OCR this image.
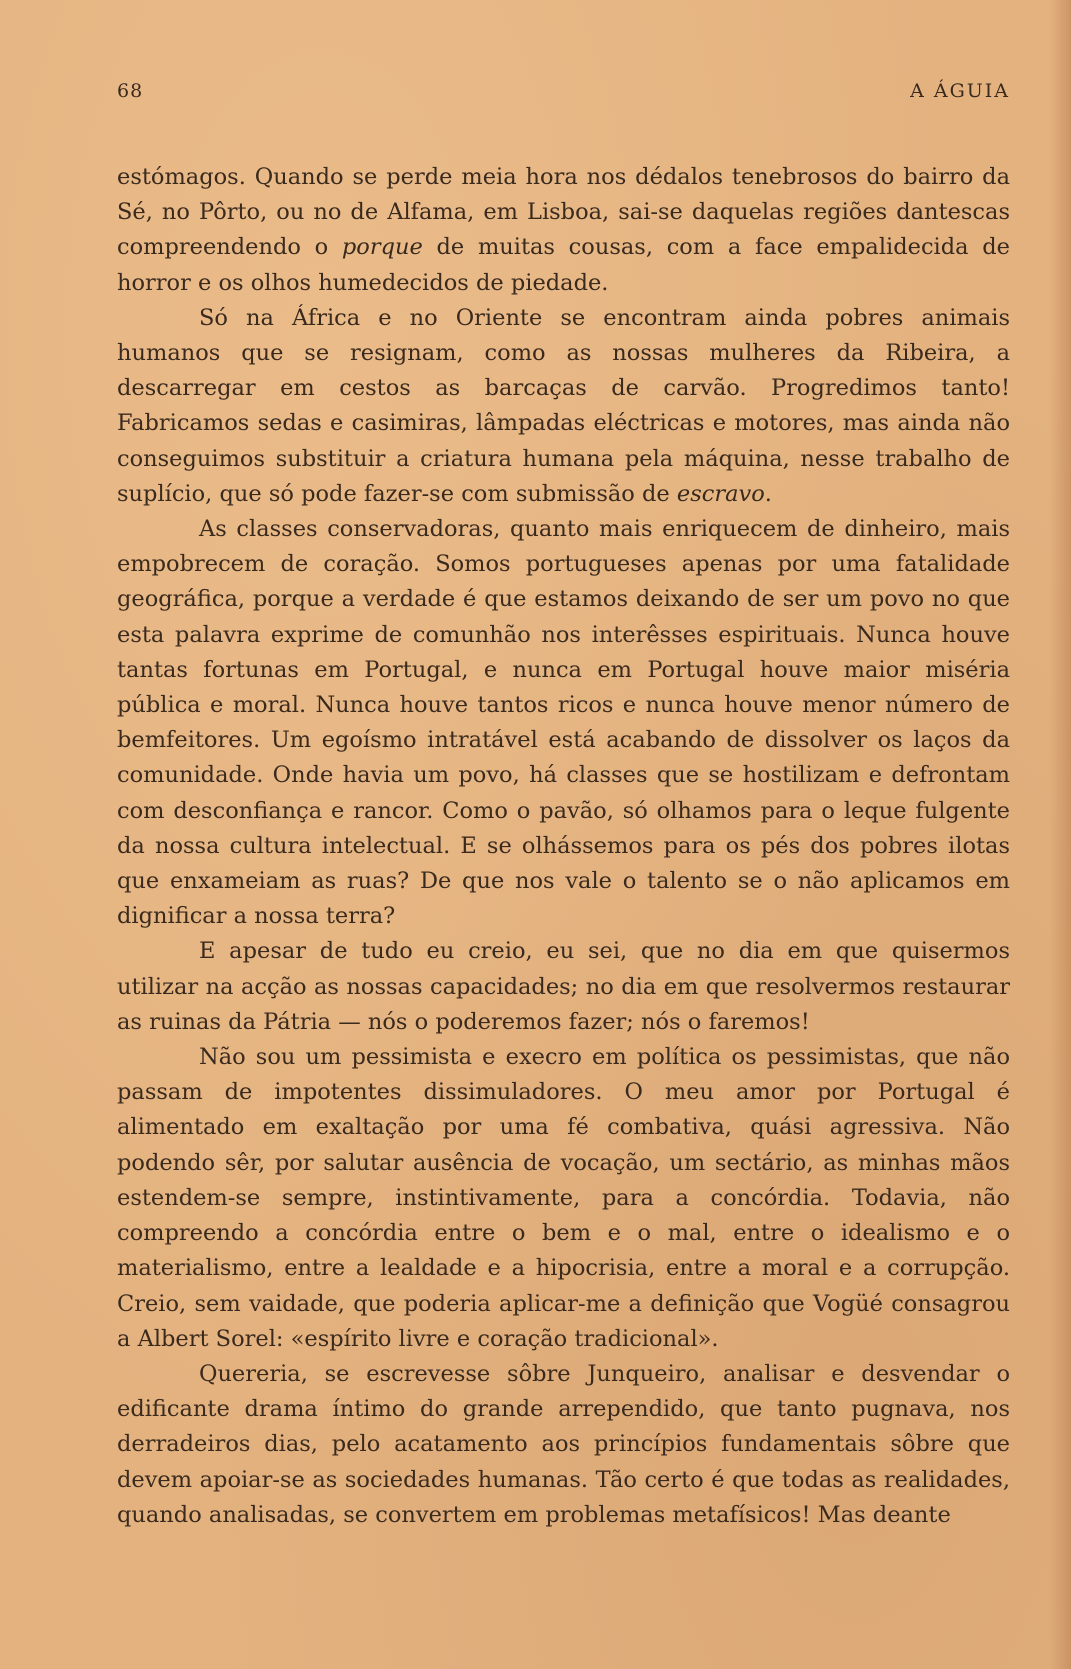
68	A ÁGUIA

estómagos. Quando se perde meia hora nos dédalos tenebrosos do bairro da Sé, no Pôrto, ou no de Alfama, em Lisboa, sai-se daquelas regiões dantescas compreendendo o porque de muitas cousas, com a face empalidecida de horror e os olhos humedecidos de piedade.

Só na África e no Oriente se encontram ainda pobres animais humanos que se resignam, como as nossas mulheres da Ribeira, a descarregar em cestos as barcaças de carvão. Progredimos tanto! Fabricamos sedas e casimiras, lâmpadas eléctricas e motores, mas ainda não conseguimos substituir a criatura humana pela máquina, nesse trabalho de suplício, que só pode fazer-se com submissão de escravo.

As classes conservadoras, quanto mais enriquecem de dinheiro, mais empobrecem de coração. Somos portugueses apenas por uma fatalidade geográfica, porque a verdade é que estamos deixando de ser um povo no que esta palavra exprime de comunhão nos interêsses espirituais. Nunca houve tantas fortunas em Portugal, e nunca em Portugal houve maior miséria pública e moral. Nunca houve tantos ricos e nunca houve menor número de bemfeitores. Um egoísmo intratável está acabando de dissolver os laços da comunidade. Onde havia um povo, há classes que se hostilizam e defrontam com desconfiança e rancor. Como o pavão, só olhamos para o leque fulgente da nossa cultura intelectual. E se olhássemos para os pés dos pobres ilotas que enxameiam as ruas? De que nos vale o talento se o não aplicamos em dignificar a nossa terra?

E apesar de tudo eu creio, eu sei, que no dia em que quisermos utilizar na acção as nossas capacidades; no dia em que resolvermos restaurar as ruinas da Pátria — nós o poderemos fazer; nós o faremos!

Não sou um pessimista e execro em política os pessimistas, que não passam de impotentes dissimuladores. O meu amor por Portugal é alimentado em exaltação por uma fé combativa, quási agressiva. Não podendo sêr, por salutar ausência de vocação, um sectário, as minhas mãos estendem-se sempre, instintivamente, para a concórdia. Todavia, não compreendo a concórdia entre o bem e o mal, entre o idealismo e o materialismo, entre a lealdade e a hipocrisia, entre a moral e a corrupção. Creio, sem vaidade, que poderia aplicar-me a definição que Vogüé consagrou a Albert Sorel: «espírito livre e coração tradicional».

Quereria, se escrevesse sôbre Junqueiro, analisar e desvendar o edificante drama íntimo do grande arrependido, que tanto pugnava, nos derradeiros dias, pelo acatamento aos princípios fundamentais sôbre que devem apoiar-se as sociedades humanas. Tão certo é que todas as realidades, quando analisadas, se convertem em problemas metafísicos! Mas deante
